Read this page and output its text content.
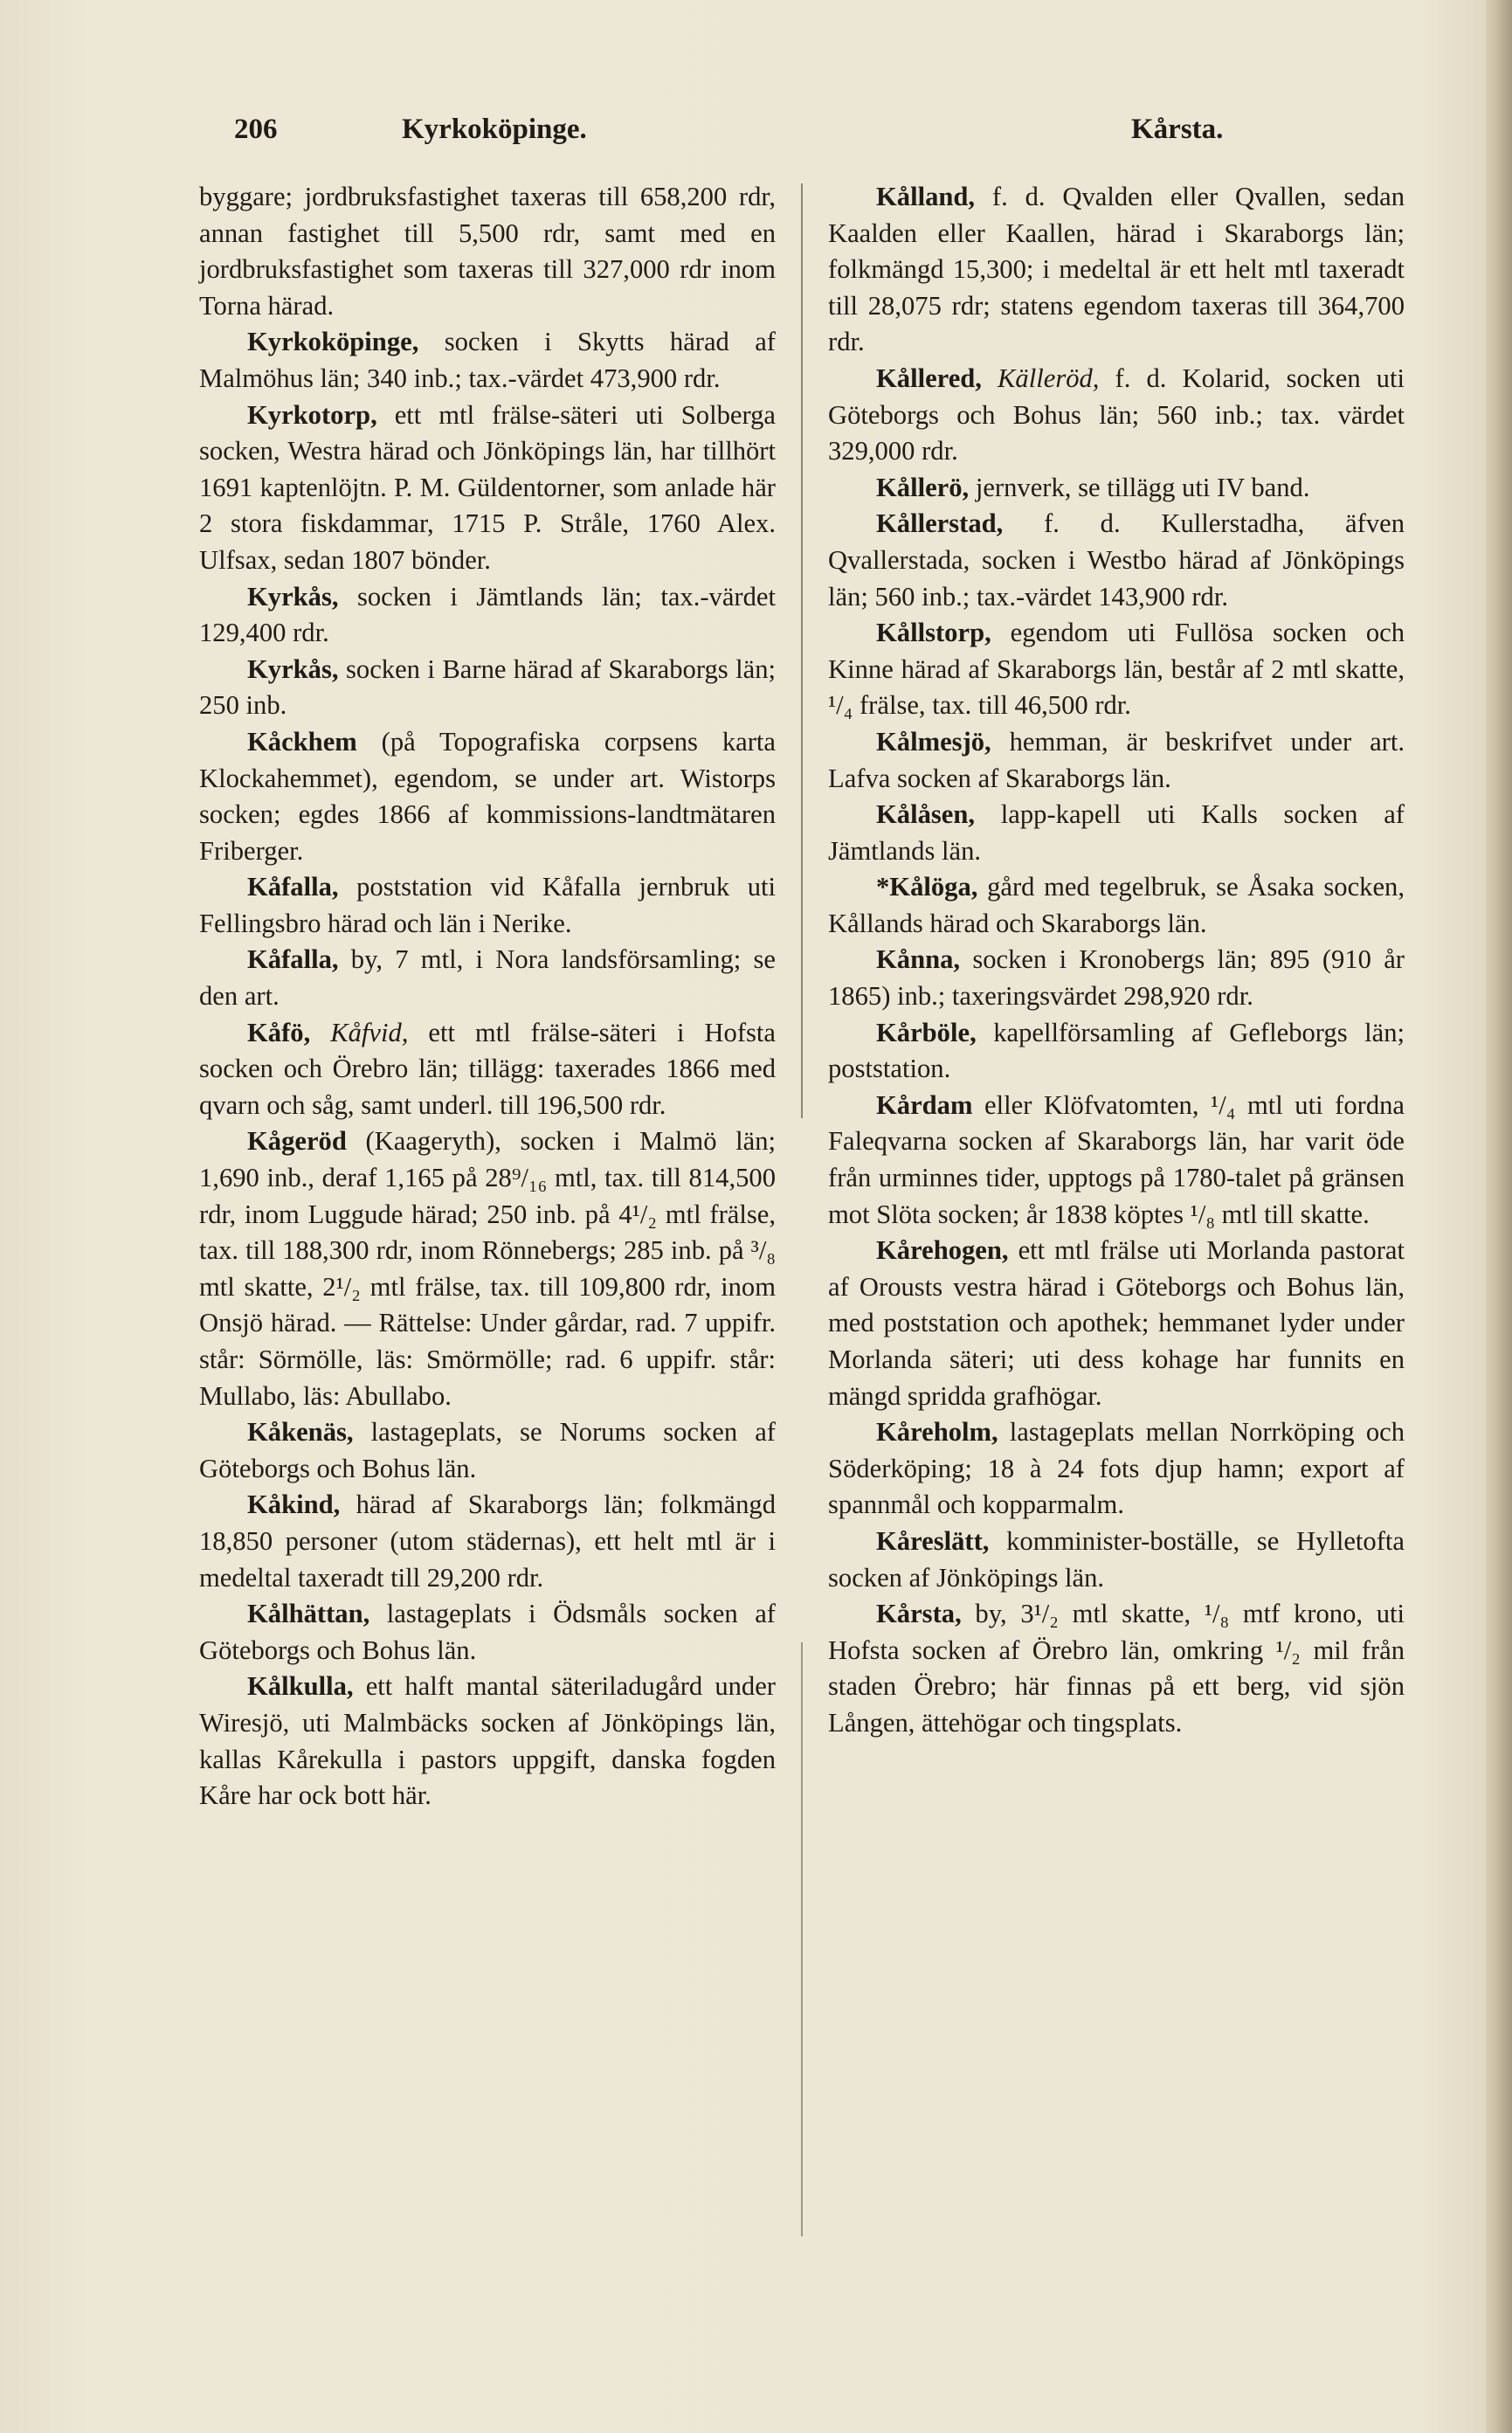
206	Kyrkoköpinge.	Kårsta.

byggare; jordbruksfastighet taxeras till 658,200 rdr, annan fastighet till 5,500 rdr, samt med en jordbruksfastighet som taxeras till 327,000 rdr inom Torna härad.

Kyrkoköpinge, socken i Skytts härad af Malmöhus län; 340 inb.; tax.-värdet 473,900 rdr.

Kyrkotorp, ett mtl frälse-säteri uti Solberga socken, Westra härad och Jönköpings län, har tillhört 1691 kaptenlöjtn. P. M. Güldentorner, som anlade här 2 stora fiskdammar, 1715 P. Stråle, 1760 Alex. Ulfsax, sedan 1807 bönder.

Kyrkås, socken i Jämtlands län; tax.-värdet 129,400 rdr.

Kyrkås, socken i Barne härad af Skaraborgs län; 250 inb.

Kåckhem (på Topografiska corpsens karta Klockahemmet), egendom, se under art. Wistorps socken; egdes 1866 af kommissions-landtmätaren Friberger.

Kåfalla, poststation vid Kåfalla jernbruk uti Fellingsbro härad och län i Nerike.

Kåfalla, by, 7 mtl, i Nora landsförsamling; se den art.

Kåfö, Kåfvid, ett mtl frälse-säteri i Hofsta socken och Örebro län; tillägg: taxerades 1866 med qvarn och såg, samt underl. till 196,500 rdr.

Kågeröd (Kaageryth), socken i Malmö län; 1,690 inb., deraf 1,165 på 28⁹/₁₆ mtl, tax. till 814,500 rdr, inom Luggude härad; 250 inb. på 4¹/₂ mtl frälse, tax. till 188,300 rdr, inom Rönnebergs; 285 inb. på ³/₈ mtl skatte, 2¹/₂ mtl frälse, tax. till 109,800 rdr, inom Onsjö härad. — Rättelse: Under gårdar, rad. 7 uppifr. står: Sörmölle, läs: Smörmölle; rad. 6 uppifr. står: Mullabo, läs: Abullabo.

Kåkenäs, lastageplats, se Norums socken af Göteborgs och Bohus län.

Kåkind, härad af Skaraborgs län; folkmängd 18,850 personer (utom städernas), ett helt mtl är i medeltal taxeradt till 29,200 rdr.

Kålhättan, lastageplats i Ödsmåls socken af Göteborgs och Bohus län.

Kålkulla, ett halft mantal säteriladugård under Wiresjö, uti Malmbäcks socken af Jönköpings län, kallas Kårekulla i pastors uppgift, danska fogden Kåre har ock bott här.

Kålland, f. d. Qvalden eller Qvallen, sedan Kaalden eller Kaallen, härad i Skaraborgs län; folkmängd 15,300; i medeltal är ett helt mtl taxeradt till 28,075 rdr; statens egendom taxeras till 364,700 rdr.

Kållered, Källeröd, f. d. Kolarid, socken uti Göteborgs och Bohus län; 560 inb.; tax. värdet 329,000 rdr.

Kållerö, jernverk, se tillägg uti IV band.

Kållerstad, f. d. Kullerstadha, äfven Qvallerstada, socken i Westbo härad af Jönköpings län; 560 inb.; tax.-värdet 143,900 rdr.

Kållstorp, egendom uti Fullösa socken och Kinne härad af Skaraborgs län, består af 2 mtl skatte, ¹/₄ frälse, tax. till 46,500 rdr.

Kålmesjö, hemman, är beskrifvet under art. Lafva socken af Skaraborgs län.

Kålåsen, lapp-kapell uti Kalls socken af Jämtlands län.

*Kålöga, gård med tegelbruk, se Åsaka socken, Kållands härad och Skaraborgs län.

Kånna, socken i Kronobergs län; 895 (910 år 1865) inb.; taxeringsvärdet 298,920 rdr.

Kårböle, kapellförsamling af Gefleborgs län; poststation.

Kårdam eller Klöfvatomten, ¹/₄ mtl uti fordna Faleqvarna socken af Skaraborgs län, har varit öde från urminnes tider, upptogs på 1780-talet på gränsen mot Slöta socken; år 1838 köptes ¹/₈ mtl till skatte.

Kårehogen, ett mtl frälse uti Morlanda pastorat af Orousts vestra härad i Göteborgs och Bohus län, med poststation och apothek; hemmanet lyder under Morlanda säteri; uti dess kohage har funnits en mängd spridda grafhögar.

Kåreholm, lastageplats mellan Norrköping och Söderköping; 18 à 24 fots djup hamn; export af spannmål och kopparmalm.

Kåreslätt, komminister-boställe, se Hylletofta socken af Jönköpings län.

Kårsta, by, 3¹/₂ mtl skatte, ¹/₈ mtf krono, uti Hofsta socken af Örebro län, omkring ¹/₂ mil från staden Örebro; här finnas på ett berg, vid sjön Lången, ättehögar och tingsplats.
